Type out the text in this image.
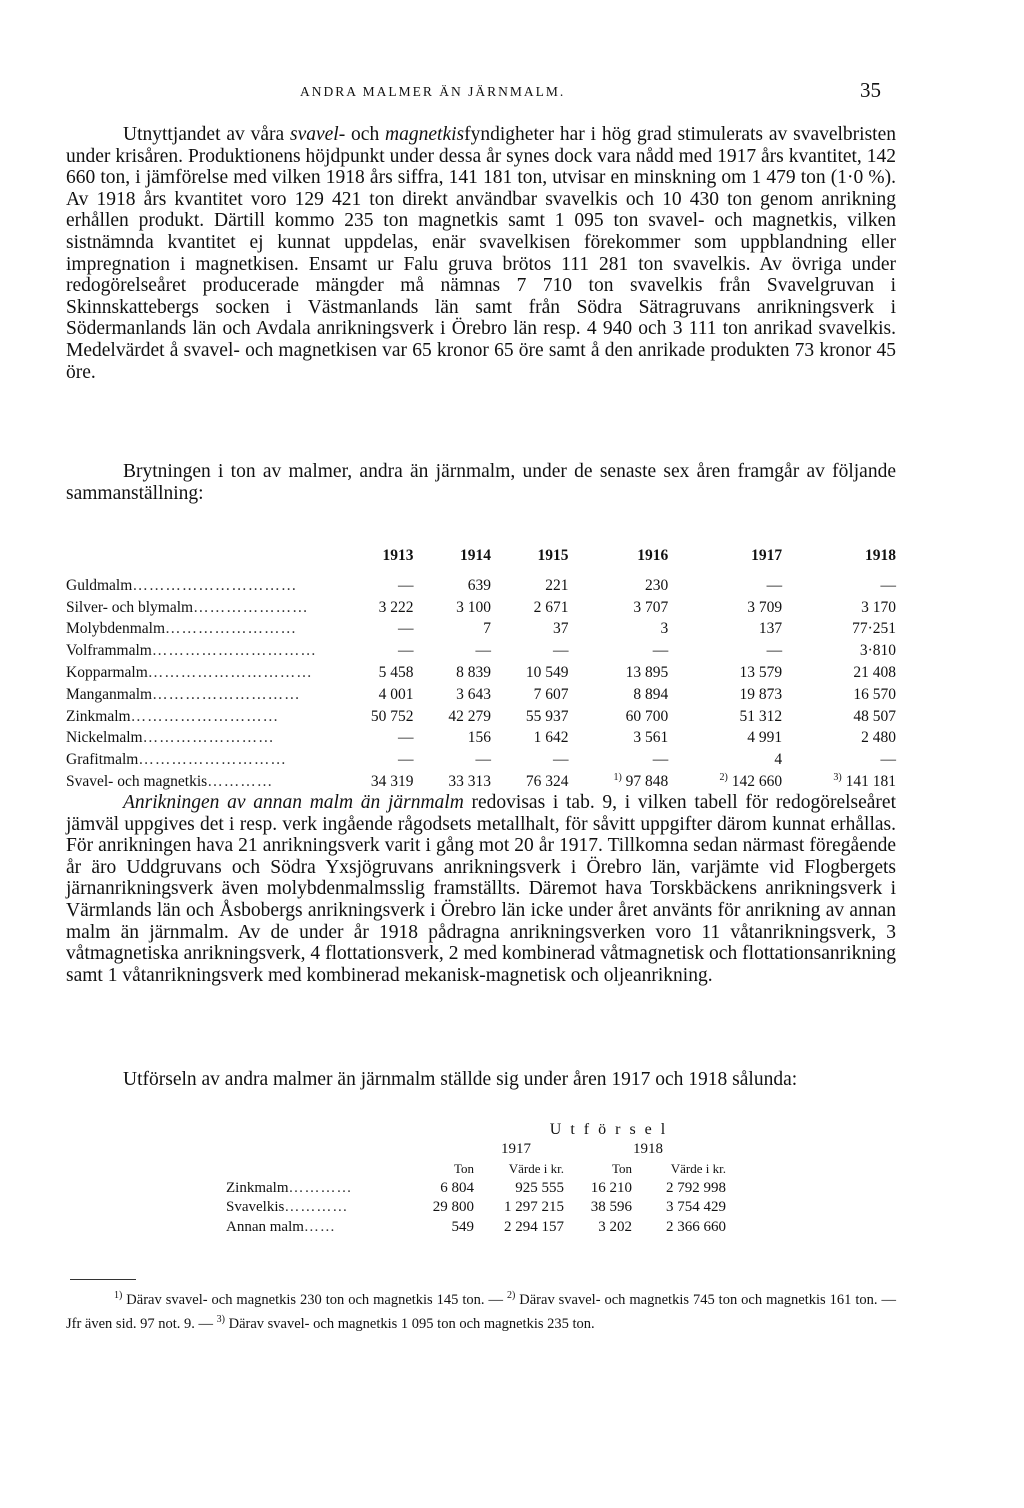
ANDRA MALMER ÄN JÄRNMALM.	35

Utnyttjandet av våra svavel- och magnetkisfyndigheter har i hög grad stimulerats av svavelbristen under krisåren. Produktionens höjdpunkt under dessa år synes dock vara nådd med 1917 års kvantitet, 142 660 ton, i jämförelse med vilken 1918 års siffra, 141 181 ton, utvisar en minskning om 1 479 ton (1·0 %). Av 1918 års kvantitet voro 129 421 ton direkt användbar svavelkis och 10 430 ton genom anrikning erhållen produkt. Därtill kommo 235 ton magnetkis samt 1 095 ton svavel- och magnetkis, vilken sistnämnda kvantitet ej kunnat uppdelas, enär svavelkisen förekommer som uppblandning eller impregnation i magnetkisen. Ensamt ur Falu gruva brötos 111 281 ton svavelkis. Av övriga under redogörelseåret producerade mängder må nämnas 7 710 ton svavelkis från Svavelgruvan i Skinnskattebergs socken i Västmanlands län samt från Södra Sätragruvans anrikningsverk i Södermanlands län och Avdala anrikningsverk i Örebro län resp. 4 940 och 3 111 ton anrikad svavelkis. Medelvärdet å svavel- och magnetkisen var 65 kronor 65 öre samt å den anrikade produkten 73 kronor 45 öre.

Brytningen i ton av malmer, andra än järnmalm, under de senaste sex åren framgår av följande sammanställning:

	1913	1914	1915	1916	1917	1918
Guldmalm…………………………	—	639	221	230	—	—
Silver- och blymalm…………………	3 222	3 100	2 671	3 707	3 709	3 170
Molybdenmalm……………………	—	7	37	3	137	77·251
Volframmalm…………………………	—	—	—	—	—	3·810
Kopparmalm…………………………	5 458	8 839	10 549	13 895	13 579	21 408
Manganmalm………………………	4 001	3 643	7 607	8 894	19 873	16 570
Zinkmalm………………………	50 752	42 279	55 937	60 700	51 312	48 507
Nickelmalm……………………	—	156	1 642	3 561	4 991	2 480
Grafitmalm………………………	—	—	—	—	4	—
Svavel- och magnetkis…………	34 319	33 313	76 324	$^{1)}$ 97 848	$^{2)}$ 142 660	$^{3)}$ 141 181

Anrikningen av annan malm än järnmalm redovisas i tab. 9, i vilken tabell för redogörelseåret jämväl uppgives det i resp. verk ingående rågodsets metallhalt, för såvitt uppgifter därom kunnat erhållas. För anrikningen hava 21 anrikningsverk varit i gång mot 20 år 1917. Tillkomna sedan närmast föregående år äro Uddgruvans och Södra Yxsjögruvans anrikningsverk i Örebro län, varjämte vid Flogbergets järnanrikningsverk även molybdenmalmsslig framställts. Däremot hava Torskbäckens anrikningsverk i Värmlands län och Åsbobergs anrikningsverk i Örebro län icke under året använts för anrikning av annan malm än järnmalm. Av de under år 1918 pådragna anrikningsverken voro 11 våtanrikningsverk, 3 våtmagnetiska anrikningsverk, 4 flottationsverk, 2 med kombinerad våtmagnetisk och flottationsanrikning samt 1 våtanrikningsverk med kombinerad mekanisk-magnetisk och oljeanrikning.

Utförseln av andra malmer än järnmalm ställde sig under åren 1917 och 1918 sålunda:

	Utförsel			
	1917		1918	
	Ton	Värde i kr.	Ton	Värde i kr.
Zinkmalm…………	6 804	925 555	16 210	2 792 998
Svavelkis…………	29 800	1 297 215	38 596	3 754 429
Annan malm……	549	2 294 157	3 202	2 366 660

$^{1)}$ Därav svavel- och magnetkis 230 ton och magnetkis 145 ton. — $^{2)}$ Därav svavel- och magnetkis 745 ton och magnetkis 161 ton. — Jfr även sid. 97 not. 9. — $^{3)}$ Därav svavel- och magnetkis 1 095 ton och magnetkis 235 ton.
